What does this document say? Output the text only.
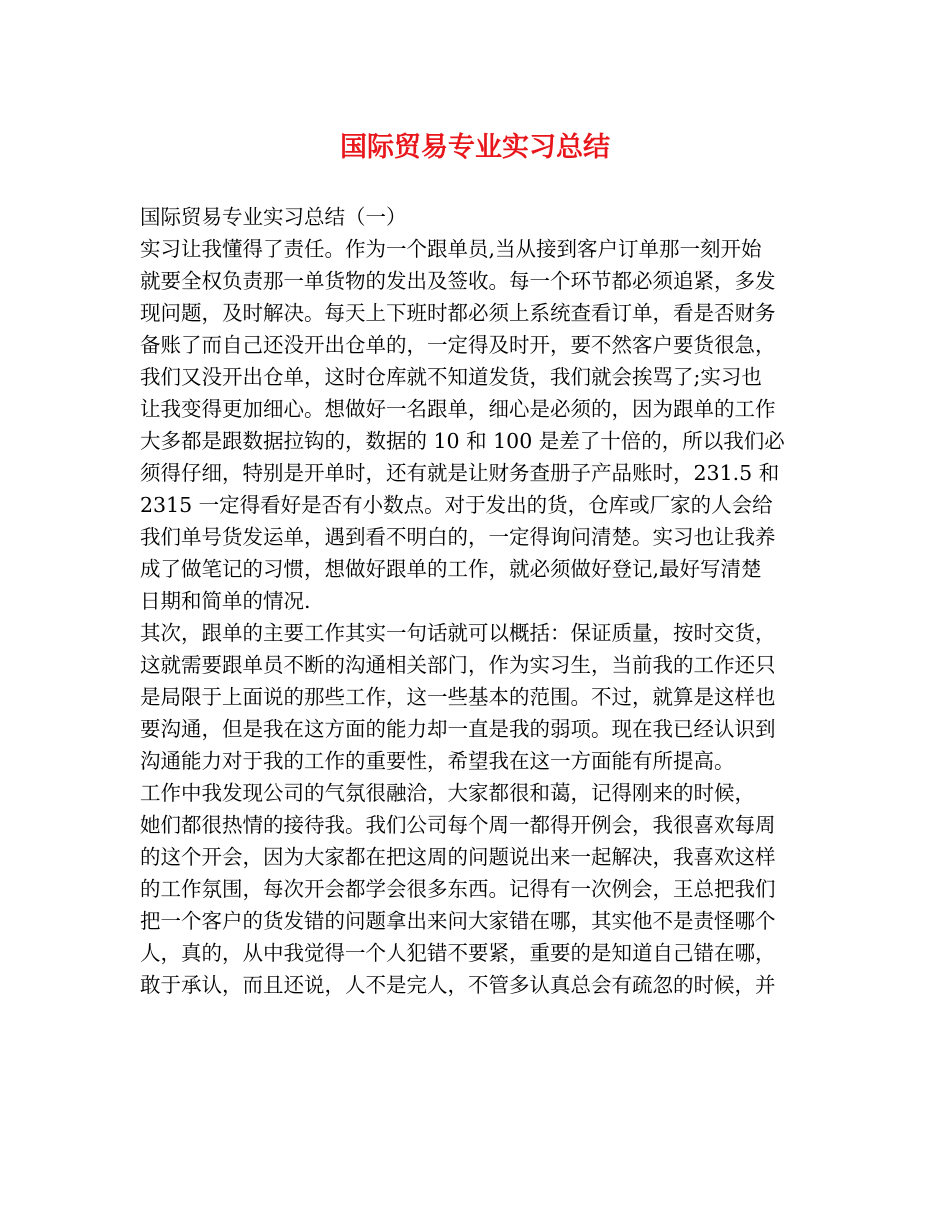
国际贸易专业实习总结
国际贸易专业实习总结（一）
实习让我懂得了责任。作为一个跟单员,当从接到客户订单那一刻开始
就要全权负责那一单货物的发出及签收。每一个环节都必须追紧，多发
现问题，及时解决。每天上下班时都必须上系统查看订单，看是否财务
备账了而自己还没开出仓单的，一定得及时开，要不然客户要货很急，
我们又没开出仓单，这时仓库就不知道发货，我们就会挨骂了;实习也
让我变得更加细心。想做好一名跟单，细心是必须的，因为跟单的工作
大多都是跟数据拉钩的，数据的 10 和 100 是差了十倍的，所以我们必
须得仔细，特别是开单时，还有就是让财务查册子产品账时，231.5 和
2315 一定得看好是否有小数点。对于发出的货，仓库或厂家的人会给
我们单号货发运单，遇到看不明白的，一定得询问清楚。实习也让我养
成了做笔记的习惯，想做好跟单的工作，就必须做好登记,最好写清楚
日期和简单的情况.
其次，跟单的主要工作其实一句话就可以概括：保证质量，按时交货，
这就需要跟单员不断的沟通相关部门，作为实习生，当前我的工作还只
是局限于上面说的那些工作，这一些基本的范围。不过，就算是这样也
要沟通，但是我在这方面的能力却一直是我的弱项。现在我已经认识到
沟通能力对于我的工作的重要性，希望我在这一方面能有所提高。
工作中我发现公司的气氛很融洽，大家都很和蔼，记得刚来的时候，
她们都很热情的接待我。我们公司每个周一都得开例会，我很喜欢每周
的这个开会，因为大家都在把这周的问题说出来一起解决，我喜欢这样
的工作氛围，每次开会都学会很多东西。记得有一次例会，王总把我们
把一个客户的货发错的问题拿出来问大家错在哪，其实他不是责怪哪个
人，真的，从中我觉得一个人犯错不要紧，重要的是知道自己错在哪，
敢于承认，而且还说，人不是完人，不管多认真总会有疏忽的时候，并
